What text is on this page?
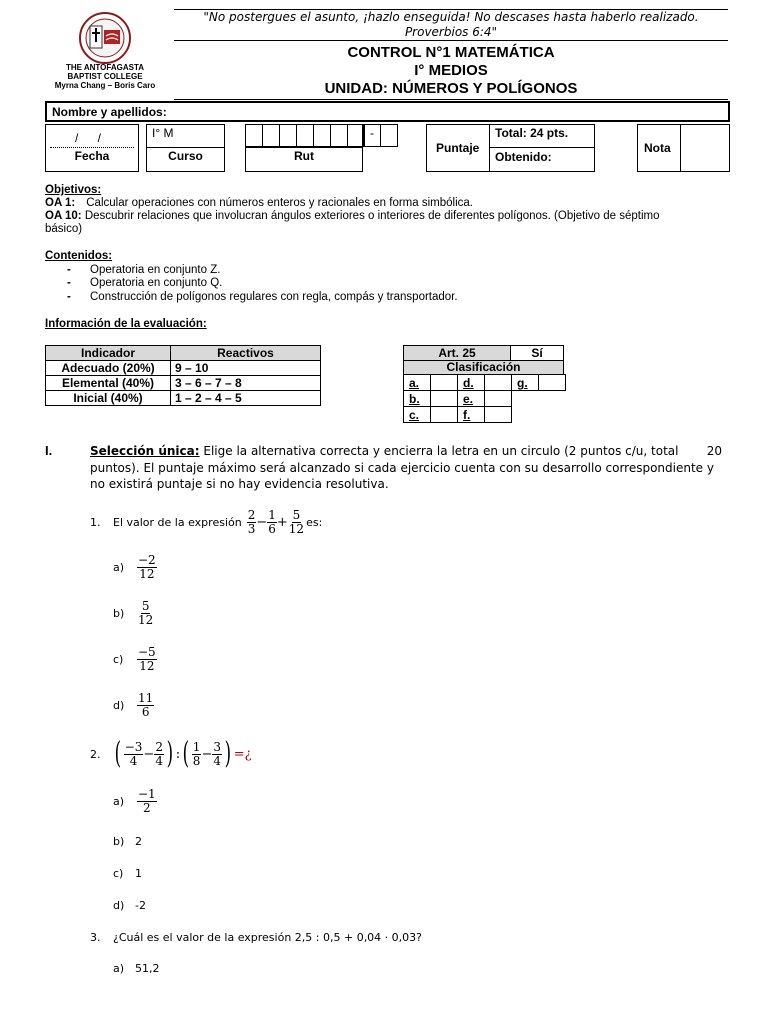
THE ANTOFAGASTA
BAPTIST COLLEGE
Myrna Chang – Boris Caro
"No postergues el asunto, ¡hazlo enseguida! No descases hasta haberlo realizado.
Proverbios 6:4"
CONTROL N°1 MATEMÁTICA
I° MEDIOS
UNIDAD: NÚMEROS Y POLÍGONOS
Nombre y apellidos:
/ /
Fecha
I° M
Curso	Rut
-
Puntaje
Total: 24 pts.
Obtenido:
Nota
Objetivos:
OA 1: Calcular operaciones con números enteros y racionales en forma simbólica.
OA 10: Descubrir relaciones que involucran ángulos exteriores o interiores de diferentes polígonos. (Objetivo de séptimo
básico)
Contenidos:
- Operatoria en conjunto Z.
- Operatoria en conjunto Q.
- Construcción de polígonos regulares con regla, compás y transportador.
Información de la evaluación:
Indicador	Reactivos
Adecuado (20%)	9 – 10
Elemental (40%)	3 – 6 – 7 – 8
Inicial (40%)	1 – 2 – 4 – 5
Art. 25	Sí
Clasificación
a.	d.	g.
b.	e.
c.	f.
I.	Selección única: Elige la alternativa correcta y encierra la letra en un circulo (2 puntos c/u, total 20
puntos). El puntaje máximo será alcanzado si cada ejercicio cuenta con su desarrollo correspondiente y
no existirá puntaje si no hay evidencia resolutiva.
1.	El valor de la expresión $\frac{2}{3} - \frac{1}{6} + \frac{5}{12}$ es:
a)	$\frac{-2}{12}$
b)	$\frac{5}{12}$
c)	$\frac{-5}{12}$
d)	$\frac{11}{6}$
2. ( $\frac{-3}{4} - \frac{2}{4}$ ) : ( $\frac{1}{8} - \frac{3}{4}$ ) =¿
a)	$\frac{-1}{2}$
b) 2
c) 1
d) -2
3. ¿Cuál es el valor de la expresión 2,5 : 0,5 + 0,04 · 0,03?
a) 51,2
